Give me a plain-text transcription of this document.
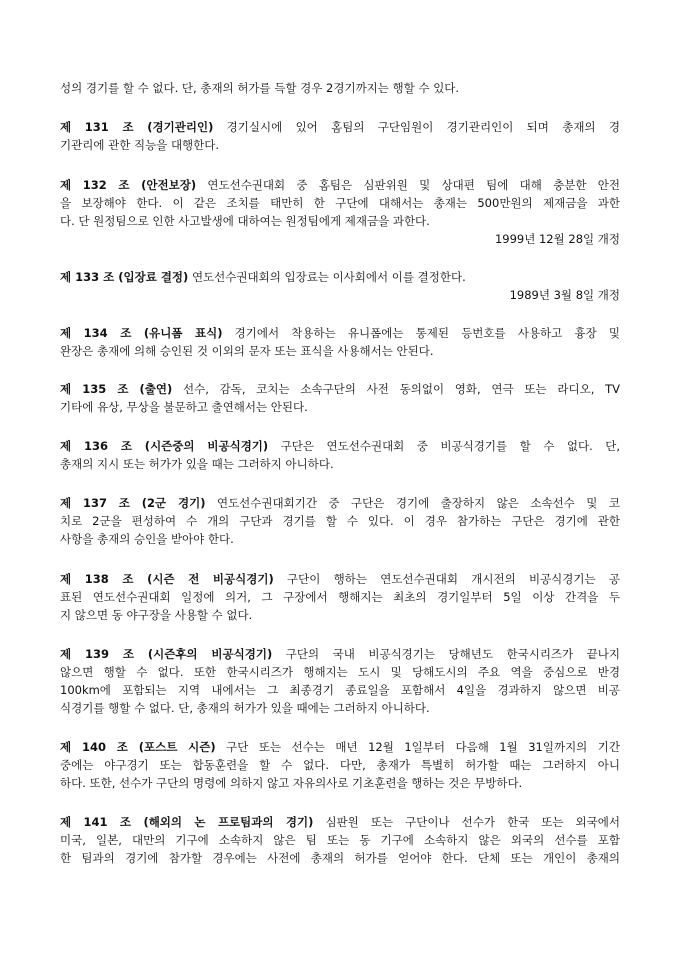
성의 경기를 할 수 없다. 단, 총재의 허가를 득할 경우 2경기까지는 행할 수 있다.
제 131 조 (경기관리인) 경기실시에 있어 홈팀의 구단임원이 경기관리인이 되며 총재의 경
기관리에 관한 직능을 대행한다.
제 132 조 (안전보장) 연도선수권대회 중 홈팀은 심판위원 및 상대편 팀에 대해 충분한 안전
을 보장해야 한다. 이 같은 조치를 태만히 한 구단에 대해서는 총재는 500만원의 제재금을 과한
다. 단 원정팀으로 인한 사고발생에 대하여는 원정팀에게 제재금을 과한다.
1999년 12월 28일 개정
제 133 조 (입장료 결정) 연도선수권대회의 입장료는 이사회에서 이를 결정한다.
1989년 3월 8일 개정
제 134 조 (유니폼 표식) 경기에서 착용하는 유니폼에는 통제된 등번호를 사용하고 흉장 및
완장은 총재에 의해 승인된 것 이외의 문자 또는 표식을 사용해서는 안된다.
제 135 조 (출연) 선수, 감독, 코치는 소속구단의 사전 동의없이 영화, 연극 또는 라디오, TV
기타에 유상, 무상을 불문하고 출연해서는 안된다.
제 136 조 (시즌중의 비공식경기) 구단은 연도선수권대회 중 비공식경기를 할 수 없다. 단,
총재의 지시 또는 허가가 있을 때는 그러하지 아니하다.
제 137 조 (2군 경기) 연도선수권대회기간 중 구단은 경기에 출장하지 않은 소속선수 및 코
치로 2군을 편성하여 수 개의 구단과 경기를 할 수 있다. 이 경우 참가하는 구단은 경기에 관한
사항을 총재의 승인을 받아야 한다.
제 138 조 (시즌 전 비공식경기) 구단이 행하는 연도선수권대회 개시전의 비공식경기는 공
표된 연도선수권대회 일정에 의거, 그 구장에서 행해지는 최초의 경기일부터 5일 이상 간격을 두
지 않으면 동 야구장을 사용할 수 없다.
제 139 조 (시즌후의 비공식경기) 구단의 국내 비공식경기는 당해년도 한국시리즈가 끝나지
않으면 행할 수 없다. 또한 한국시리즈가 행해지는 도시 및 당해도시의 주요 역을 중심으로 반경
100km에 포함되는 지역 내에서는 그 최종경기 종료일을 포함해서 4일을 경과하지 않으면 비공
식경기를 행할 수 없다. 단, 총재의 허가가 있을 때에는 그러하지 아니하다.
제 140 조 (포스트 시즌) 구단 또는 선수는 매년 12월 1일부터 다음해 1월 31일까지의 기간
중에는 야구경기 또는 합동훈련을 할 수 없다. 다만, 총재가 특별히 허가할 때는 그러하지 아니
하다. 또한, 선수가 구단의 명령에 의하지 않고 자유의사로 기초훈련을 행하는 것은 무방하다.
제 141 조 (해외의 논 프로팀과의 경기) 심판원 또는 구단이나 선수가 한국 또는 외국에서
미국, 일본, 대만의 기구에 소속하지 않은 팀 또는 동 기구에 소속하지 않은 외국의 선수를 포함
한 팀과의 경기에 참가할 경우에는 사전에 총재의 허가를 얻어야 한다. 단체 또는 개인이 총재의
